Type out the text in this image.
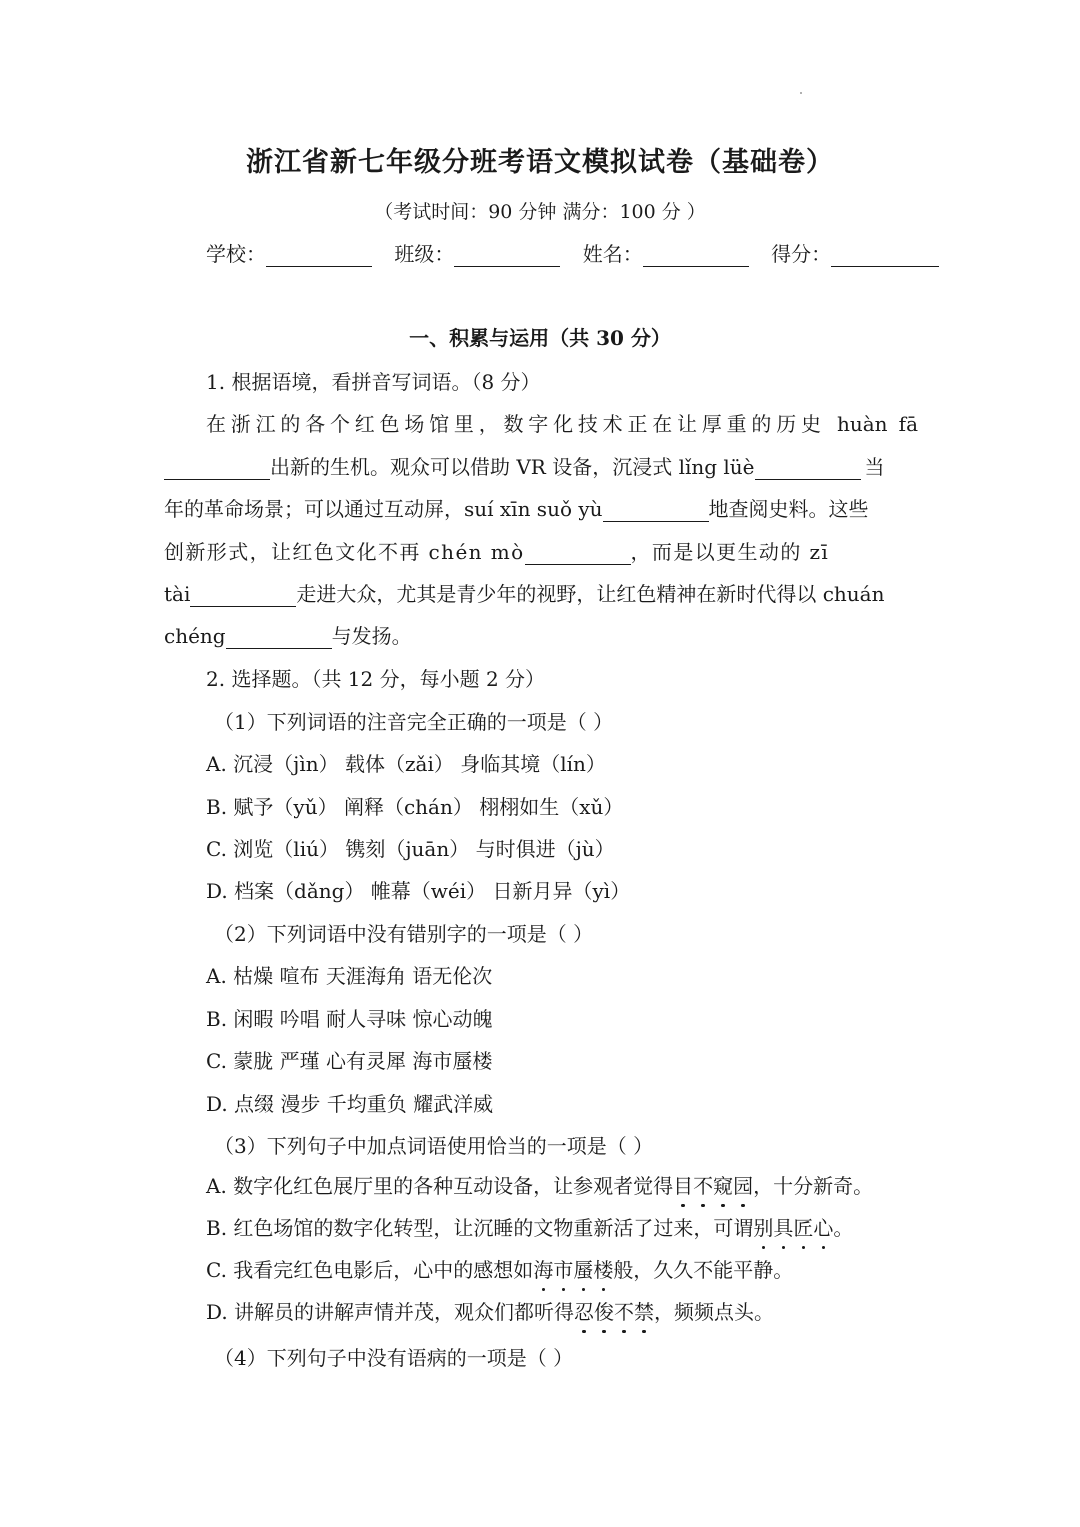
浙江省新七年级分班考语文模拟试卷（基础卷）
（考试时间：90 分钟 满分：100 分 ）
学校：	班级：	姓名：	得分：
一、积累与运用（共 30 分）
1. 根据语境，看拼音写词语。（8 分）
在浙江的各个红色场馆里，数字化技术正在让厚重的历史 huàn fā
出新的生机。观众可以借助 VR 设备，沉浸式 lǐng lüè	当
年的革命场景；可以通过互动屏，suí xīn suǒ yù	地查阅史料。这些
创新形式，让红色文化不再 chén mò	，而是以更生动的 zī
tài	走进大众，尤其是青少年的视野，让红色精神在新时代得以 chuán
chéng	与发扬。
2. 选择题。（共 12 分，每小题 2 分）
（1）下列词语的注音完全正确的一项是（ ）
A. 沉浸（jìn） 载体（zǎi） 身临其境（lín）
B. 赋予（yǔ） 阐释（chán） 栩栩如生（xǔ）
C. 浏览（liú） 镌刻（juān） 与时俱进（jù）
D. 档案（dǎng） 帷幕（wéi） 日新月异（yì）
（2）下列词语中没有错别字的一项是（ ）
A. 枯燥 喧布 天涯海角 语无伦次
B. 闲暇 吟唱 耐人寻味 惊心动魄
C. 蒙胧 严瑾 心有灵犀 海市蜃楼
D. 点缀 漫步 千均重负 耀武洋威
（3）下列句子中加点词语使用恰当的一项是（ ）
A. 数字化红色展厅里的各种互动设备，让参观者觉得目不窥园，十分新奇。
B. 红色场馆的数字化转型，让沉睡的文物重新活了过来，可谓别具匠心。
C. 我看完红色电影后，心中的感想如海市蜃楼般，久久不能平静。
D. 讲解员的讲解声情并茂，观众们都听得忍俊不禁，频频点头。
（4）下列句子中没有语病的一项是（ ）
